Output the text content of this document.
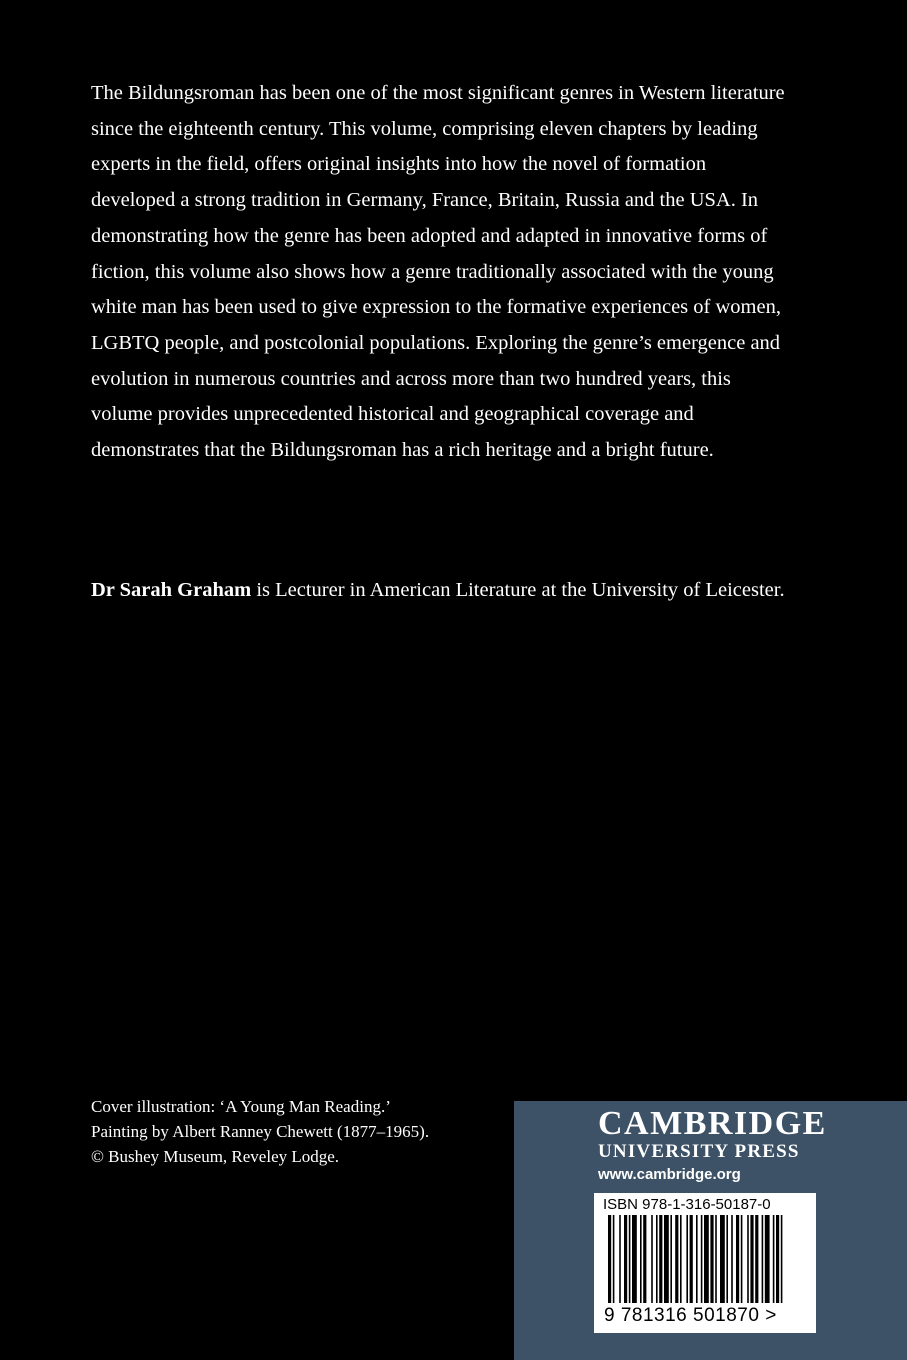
The Bildungsroman has been one of the most significant genres in Western literature since the eighteenth century. This volume, comprising eleven chapters by leading experts in the field, offers original insights into how the novel of formation developed a strong tradition in Germany, France, Britain, Russia and the USA. In demonstrating how the genre has been adopted and adapted in innovative forms of fiction, this volume also shows how a genre traditionally associated with the young white man has been used to give expression to the formative experiences of women, LGBTQ people, and postcolonial populations. Exploring the genre’s emergence and evolution in numerous countries and across more than two hundred years, this volume provides unprecedented historical and geographical coverage and demonstrates that the Bildungsroman has a rich heritage and a bright future.

Dr Sarah Graham is Lecturer in American Literature at the University of Leicester.

Cover illustration: ‘A Young Man Reading.’
Painting by Albert Ranney Chewett (1877–1965).
© Bushey Museum, Reveley Lodge.
CAMBRIDGE
UNIVERSITY PRESS
www.cambridge.org
ISBN 978-1-316-50187-0
9 781316 501870 >
